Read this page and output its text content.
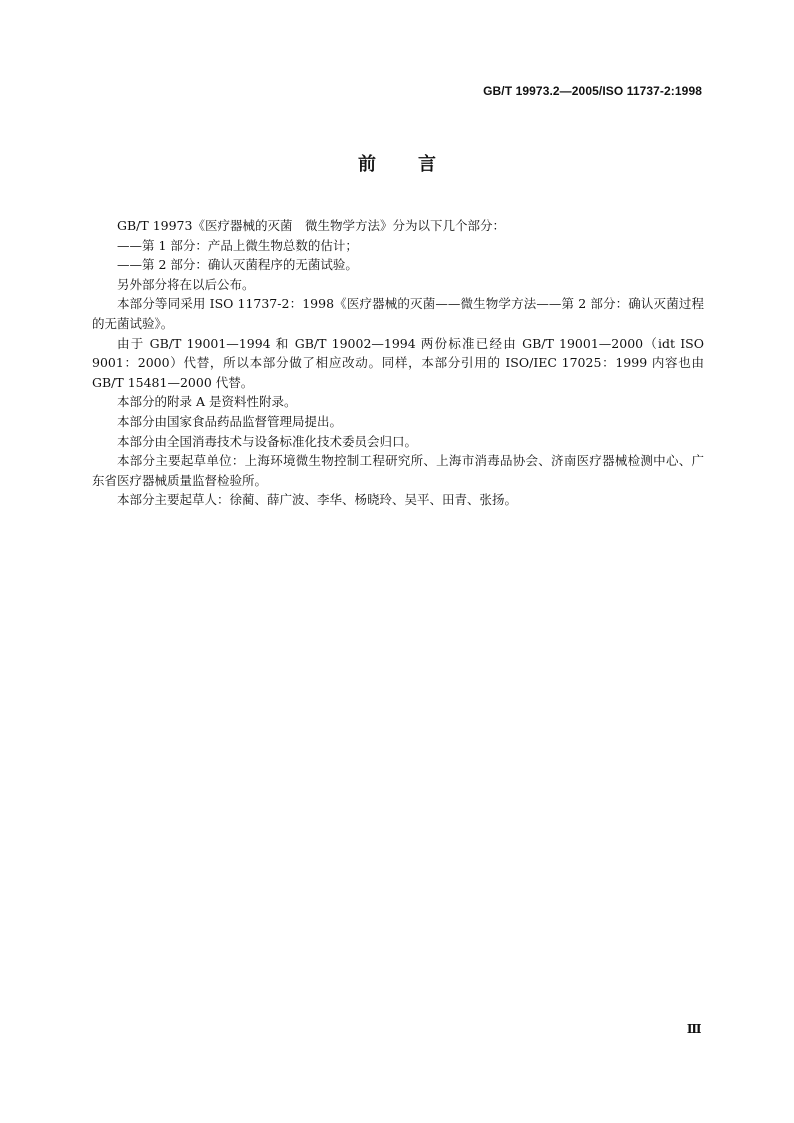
GB/T 19973.2—2005/ISO 11737-2:1998
前 言

GB/T 19973《医疗器械的灭菌　微生物学方法》分为以下几个部分：

——第 1 部分：产品上微生物总数的估计；

——第 2 部分：确认灭菌程序的无菌试验。

另外部分将在以后公布。

本部分等同采用 ISO 11737-2：1998《医疗器械的灭菌——微生物学方法——第 2 部分：确认灭菌过程的无菌试验》。

由于 GB/T 19001—1994 和 GB/T 19002—1994 两份标准已经由 GB/T 19001—2000（idt ISO 9001：2000）代替，所以本部分做了相应改动。同样，本部分引用的 ISO/IEC 17025：1999 内容也由 GB/T 15481—2000 代替。

本部分的附录 A 是资料性附录。

本部分由国家食品药品监督管理局提出。

本部分由全国消毒技术与设备标准化技术委员会归口。

本部分主要起草单位：上海环境微生物控制工程研究所、上海市消毒品协会、济南医疗器械检测中心、广东省医疗器械质量监督检验所。

本部分主要起草人：徐蔺、薛广波、李华、杨晓玲、吴平、田青、张扬。

Ⅲ
